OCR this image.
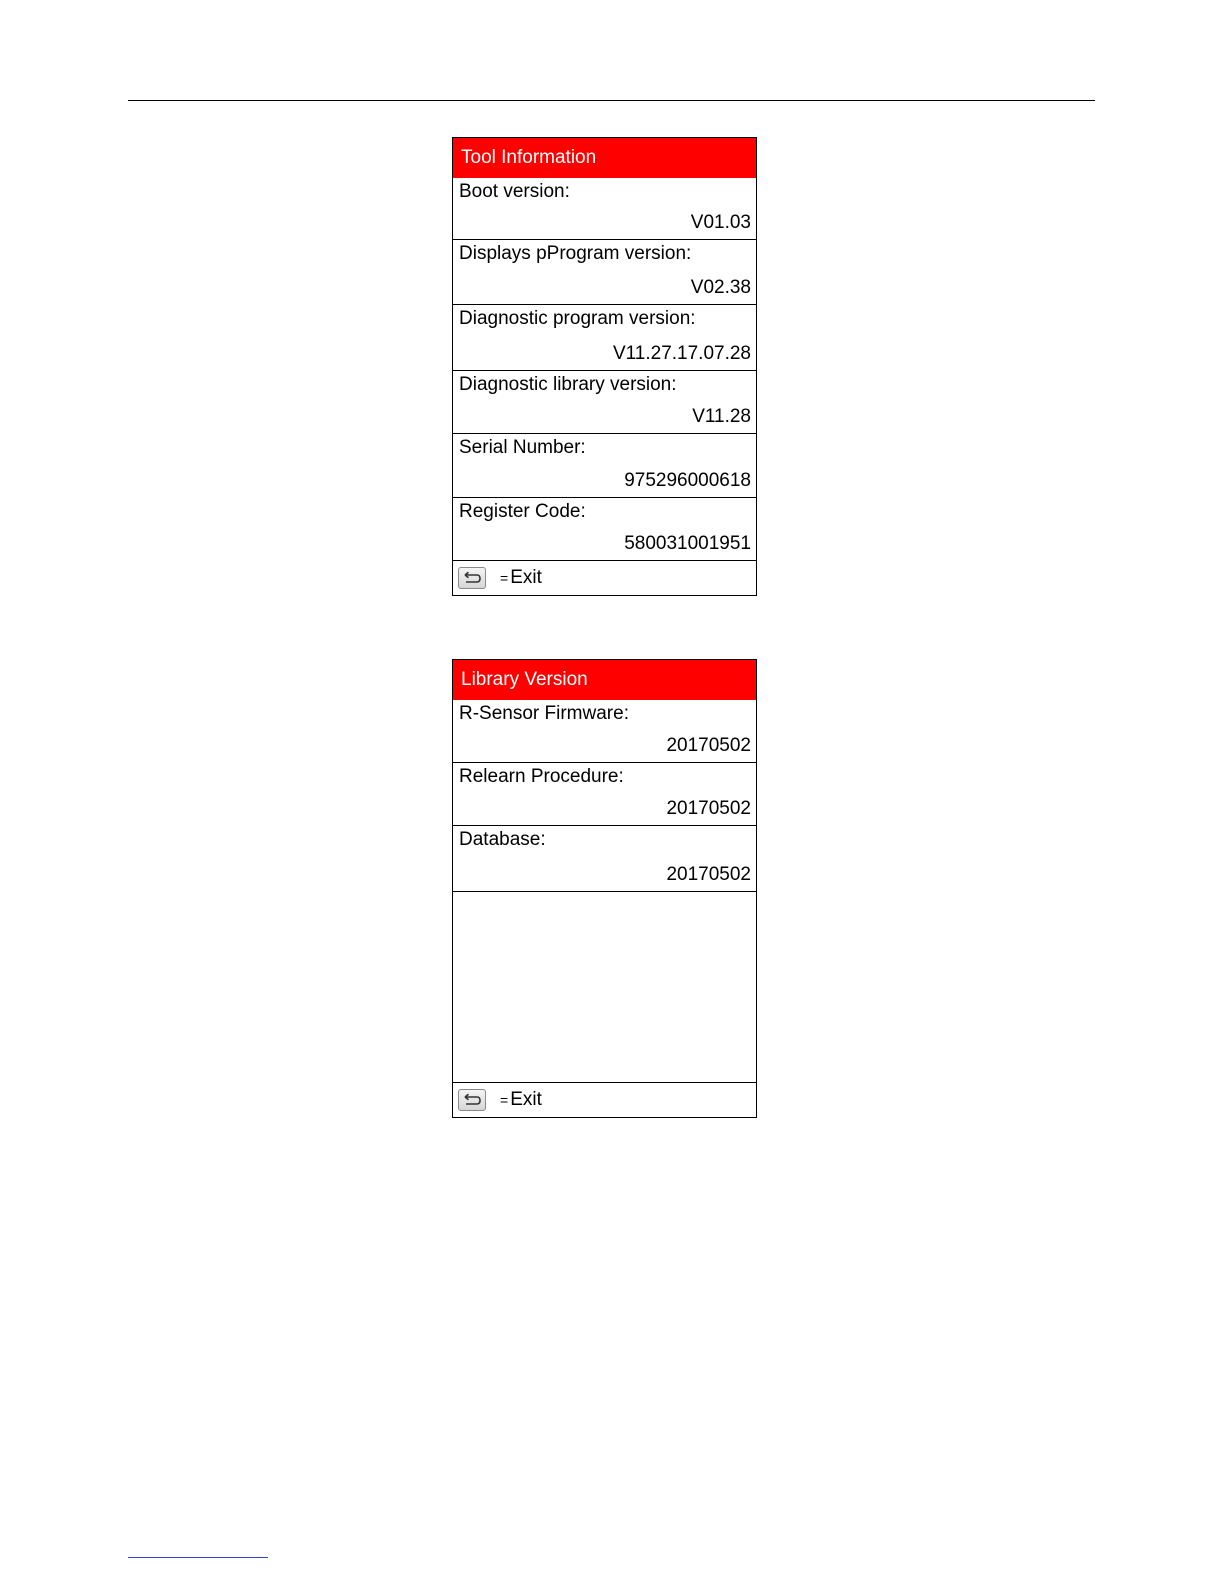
Tool Information
Boot version:
V01.03
Displays pProgram version:
V02.38
Diagnostic program version:
V11.27.17.07.28
Diagnostic library version:
V11.28
Serial Number:
975296000618
Register Code:
580031001951
= Exit
Library Version
R-Sensor Firmware:
20170502
Relearn Procedure:
20170502
Database:
20170502
= Exit
